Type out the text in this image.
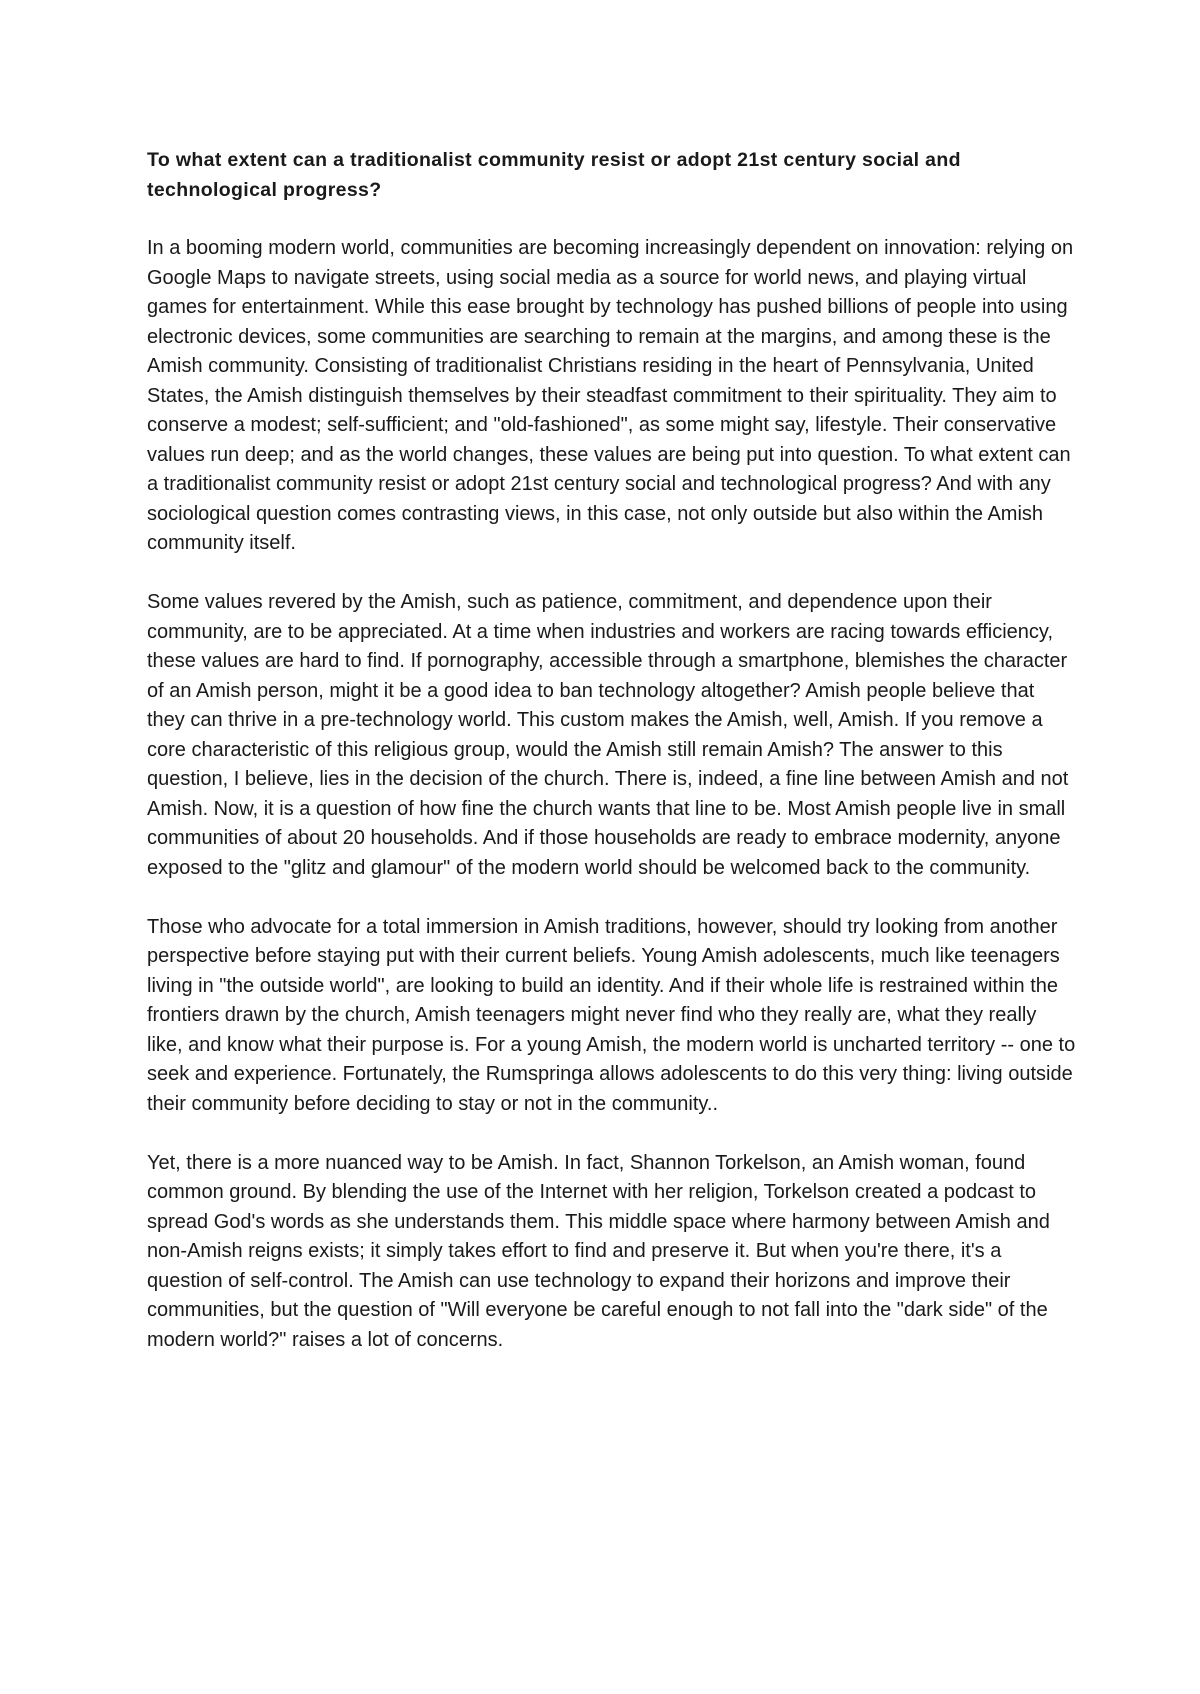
To what extent can a traditionalist community resist or adopt 21st century social and technological progress?

In a booming modern world, communities are becoming increasingly dependent on innovation: relying on Google Maps to navigate streets, using social media as a source for world news, and playing virtual games for entertainment. While this ease brought by technology has pushed billions of people into using electronic devices, some communities are searching to remain at the margins, and among these is the Amish community. Consisting of traditionalist Christians residing in the heart of Pennsylvania, United States, the Amish distinguish themselves by their steadfast commitment to their spirituality. They aim to conserve a modest; self-sufficient; and "old-fashioned", as some might say, lifestyle. Their conservative values run deep; and as the world changes, these values are being put into question. To what extent can a traditionalist community resist or adopt 21st century social and technological progress? And with any sociological question comes contrasting views, in this case, not only outside but also within the Amish community itself.

Some values revered by the Amish, such as patience, commitment, and dependence upon their community, are to be appreciated. At a time when industries and workers are racing towards efficiency, these values are hard to find. If pornography, accessible through a smartphone, blemishes the character of an Amish person, might it be a good idea to ban technology altogether? Amish people believe that they can thrive in a pre-technology world. This custom makes the Amish, well, Amish. If you remove a core characteristic of this religious group, would the Amish still remain Amish? The answer to this question, I believe, lies in the decision of the church. There is, indeed, a fine line between Amish and not Amish. Now, it is a question of how fine the church wants that line to be. Most Amish people live in small communities of about 20 households. And if those households are ready to embrace modernity, anyone exposed to the "glitz and glamour" of the modern world should be welcomed back to the community.

Those who advocate for a total immersion in Amish traditions, however, should try looking from another perspective before staying put with their current beliefs. Young Amish adolescents, much like teenagers living in "the outside world", are looking to build an identity. And if their whole life is restrained within the frontiers drawn by the church, Amish teenagers might never find who they really are, what they really like, and know what their purpose is. For a young Amish, the modern world is uncharted territory -- one to seek and experience. Fortunately, the Rumspringa allows adolescents to do this very thing: living outside their community before deciding to stay or not in the community..

Yet, there is a more nuanced way to be Amish. In fact, Shannon Torkelson, an Amish woman, found common ground. By blending the use of the Internet with her religion, Torkelson created a podcast to spread God's words as she understands them. This middle space where harmony between Amish and non-Amish reigns exists; it simply takes effort to find and preserve it. But when you're there, it's a question of self-control. The Amish can use technology to expand their horizons and improve their communities, but the question of "Will everyone be careful enough to not fall into the "dark side" of the modern world?" raises a lot of concerns.
